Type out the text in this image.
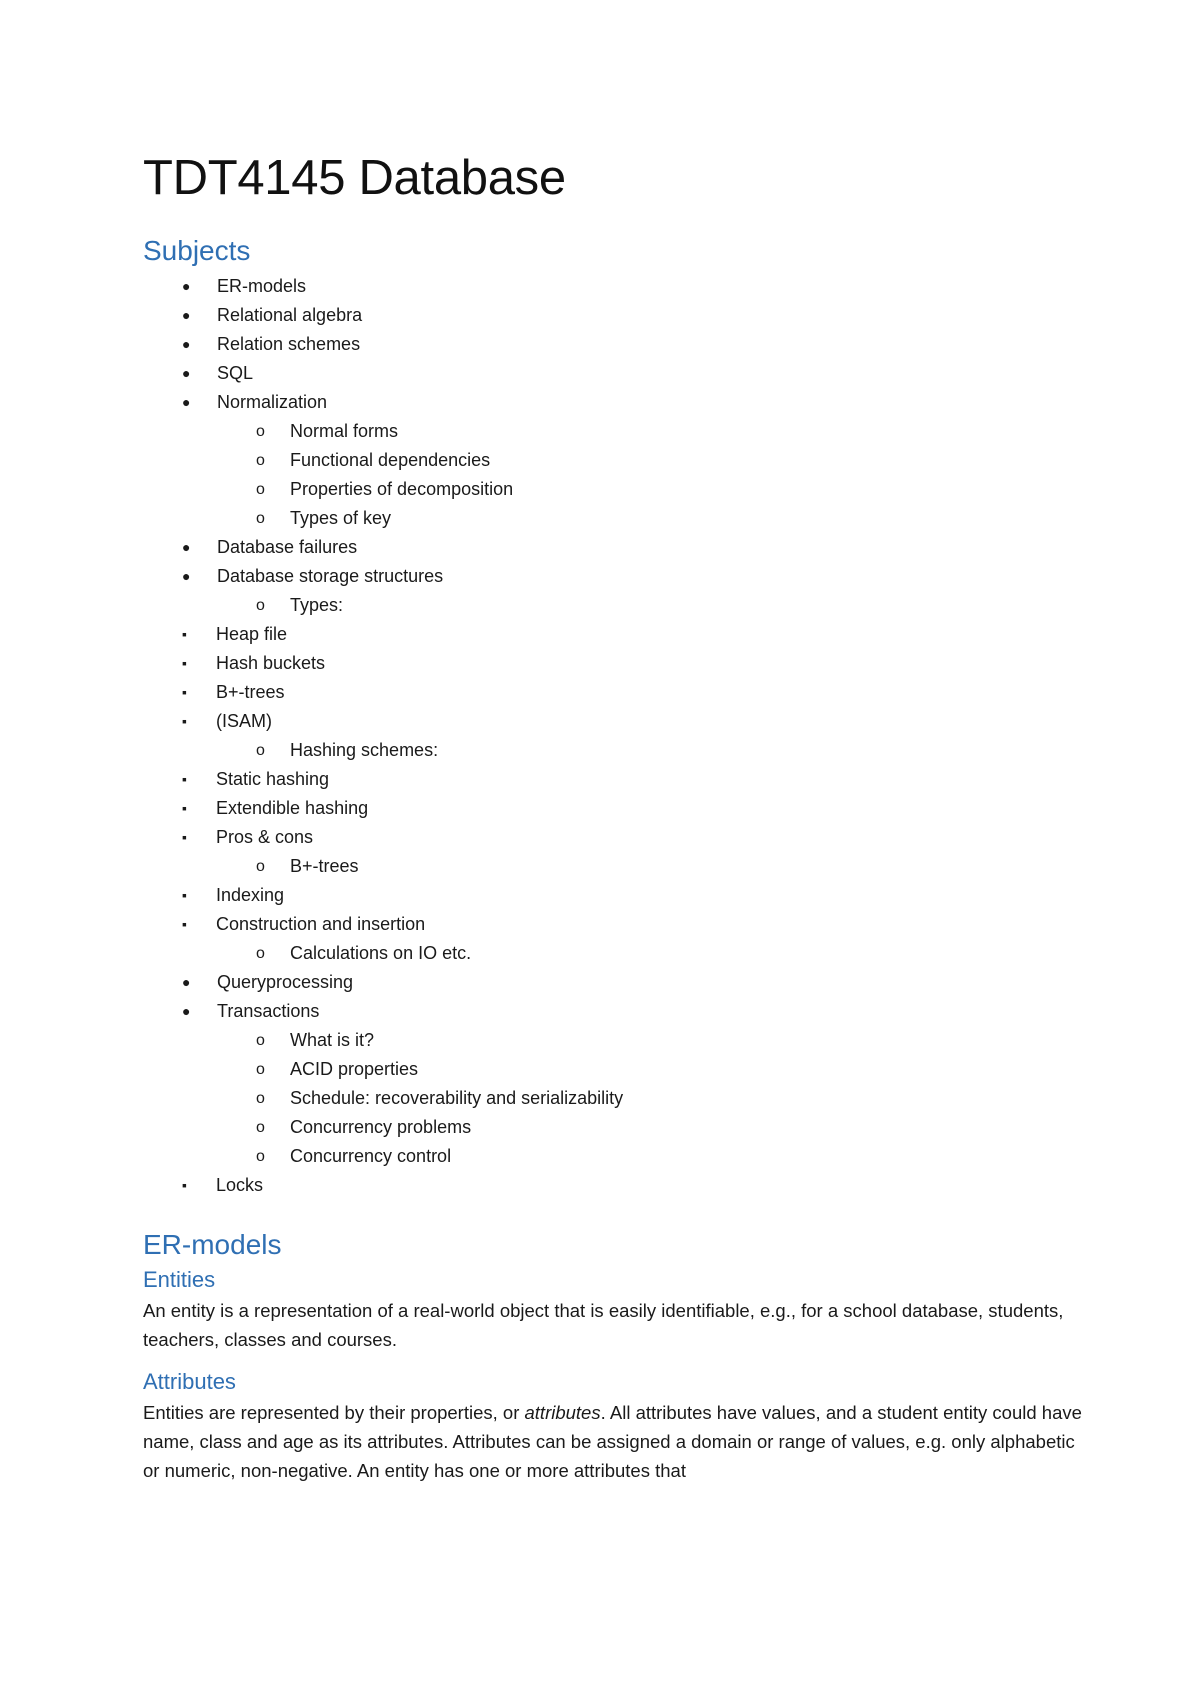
TDT4145 Database
Subjects
● ER-models
● Relational algebra
● Relation schemes
● SQL
● Normalization
o Normal forms
o Functional dependencies
o Properties of decomposition
o Types of key
● Database failures
● Database storage structures
o Types:
▪ Heap file
▪ Hash buckets
▪ B+-trees
▪ (ISAM)
o Hashing schemes:
▪ Static hashing
▪ Extendible hashing
▪ Pros & cons
o B+-trees
▪ Indexing
▪ Construction and insertion
o Calculations on IO etc.
● Queryprocessing
● Transactions
o What is it?
o ACID properties
o Schedule: recoverability and serializability
o Concurrency problems
o Concurrency control
▪ Locks
ER-models
Entities

An entity is a representation of a real-world object that is easily identifiable, e.g., for a school database, students, teachers, classes and courses.

Attributes

Entities are represented by their properties, or attributes. All attributes have values, and a student entity could have name, class and age as its attributes. Attributes can be assigned a domain or range of values, e.g. only alphabetic or numeric, non-negative. An entity has one or more attributes that
